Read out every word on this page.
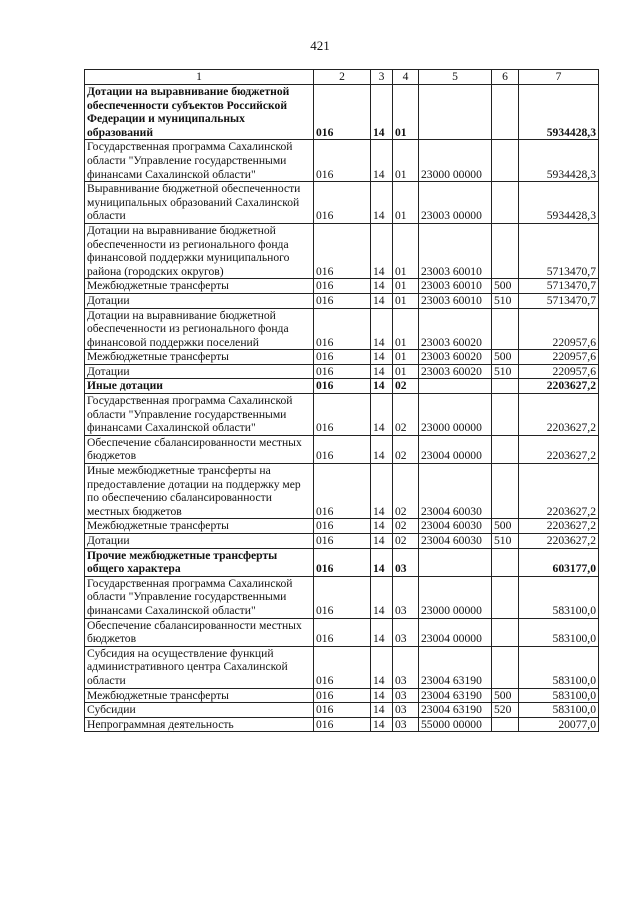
421
1	2	3	4	5	6	7
Дотации на выравнивание бюджетной обеспеченности субъектов Российской Федерации и муниципальных образований	016	14	01			5934428,3
Государственная программа Сахалинской области "Управление государственными финансами Сахалинской области"	016	14	01	23000 00000		5934428,3
Выравнивание бюджетной обеспеченности муниципальных образований Сахалинской области	016	14	01	23003 00000		5934428,3
Дотации на выравнивание бюджетной обеспеченности из регионального фонда финансовой поддержки муниципального района (городских округов)	016	14	01	23003 60010		5713470,7
Межбюджетные трансферты	016	14	01	23003 60010	500	5713470,7
Дотации	016	14	01	23003 60010	510	5713470,7
Дотации на выравнивание бюджетной обеспеченности из регионального фонда финансовой поддержки поселений	016	14	01	23003 60020		220957,6
Межбюджетные трансферты	016	14	01	23003 60020	500	220957,6
Дотации	016	14	01	23003 60020	510	220957,6
Иные дотации	016	14	02			2203627,2
Государственная программа Сахалинской области "Управление государственными финансами Сахалинской области"	016	14	02	23000 00000		2203627,2
Обеспечение сбалансированности местных бюджетов	016	14	02	23004 00000		2203627,2
Иные межбюджетные трансферты на предоставление дотации на поддержку мер по обеспечению сбалансированности местных бюджетов	016	14	02	23004 60030		2203627,2
Межбюджетные трансферты	016	14	02	23004 60030	500	2203627,2
Дотации	016	14	02	23004 60030	510	2203627,2
Прочие межбюджетные трансферты общего характера	016	14	03			603177,0
Государственная программа Сахалинской области "Управление государственными финансами Сахалинской области"	016	14	03	23000 00000		583100,0
Обеспечение сбалансированности местных бюджетов	016	14	03	23004 00000		583100,0
Субсидия на осуществление функций административного центра Сахалинской области	016	14	03	23004 63190		583100,0
Межбюджетные трансферты	016	14	03	23004 63190	500	583100,0
Субсидии	016	14	03	23004 63190	520	583100,0
Непрограммная деятельность	016	14	03	55000 00000		20077,0
